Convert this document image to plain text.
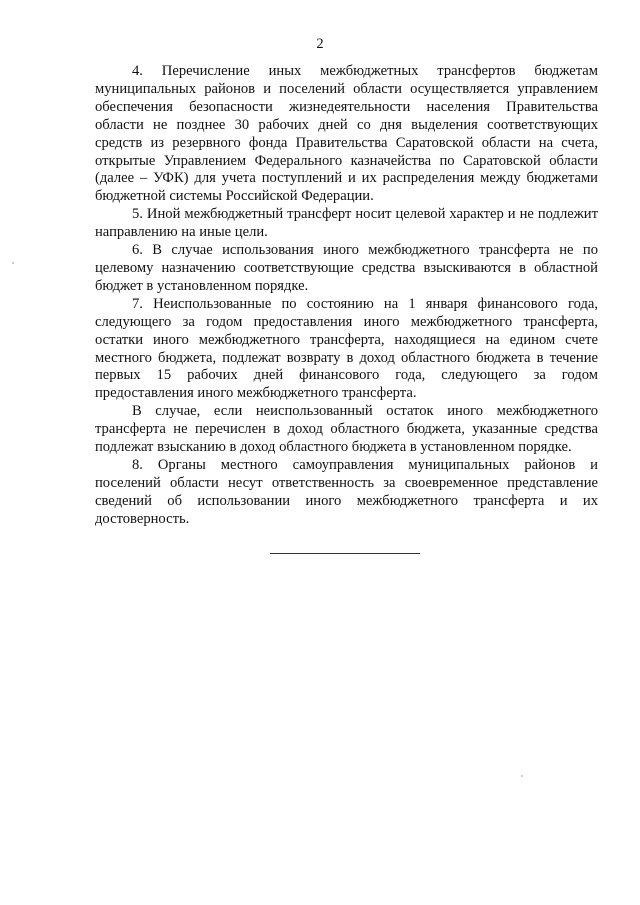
2

4. Перечисление иных межбюджетных трансфертов бюджетам муниципальных районов и поселений области осуществляется управлением обеспечения безопасности жизнедеятельности населения Правительства области не позднее 30 рабочих дней со дня выделения соответствующих средств из резервного фонда Правительства Саратовской области на счета, открытые Управлением Федерального казначейства по Саратовской области (далее – УФК) для учета поступлений и их распределения между бюджетами бюджетной системы Российской Федерации.

5. Иной межбюджетный трансферт носит целевой характер и не подлежит направлению на иные цели.

6. В случае использования иного межбюджетного трансферта не по целевому назначению соответствующие средства взыскиваются в областной бюджет в установленном порядке.

7. Неиспользованные по состоянию на 1 января финансового года, следующего за годом предоставления иного межбюджетного трансферта, остатки иного межбюджетного трансферта, находящиеся на едином счете местного бюджета, подлежат возврату в доход областного бюджета в течение первых 15 рабочих дней финансового года, следующего за годом предоставления иного межбюджетного трансферта.

В случае, если неиспользованный остаток иного межбюджетного трансферта не перечислен в доход областного бюджета, указанные средства подлежат взысканию в доход областного бюджета в установленном порядке.

8. Органы местного самоуправления муниципальных районов и поселений области несут ответственность за своевременное представление сведений об использовании иного межбюджетного трансферта и их достоверность.
